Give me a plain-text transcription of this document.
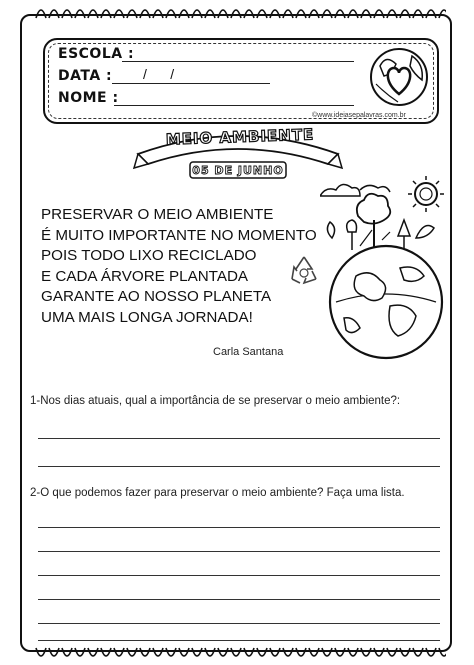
ESCOLA :
DATA : /      /
NOME :
©www.ideiasepalavras.com.br
MEIO AMBIENTE
05 DE JUNHO
PRESERVAR O MEIO AMBIENTE
É MUITO IMPORTANTE NO MOMENTO
POIS TODO LIXO RECICLADO
E CADA ÁRVORE PLANTADA
GARANTE AO NOSSO PLANETA
UMA MAIS LONGA JORNADA!
Carla Santana
1-Nos dias atuais, qual a importância de se preservar o meio ambiente?:
2-O que podemos fazer para preservar o meio ambiente? Faça uma lista.
